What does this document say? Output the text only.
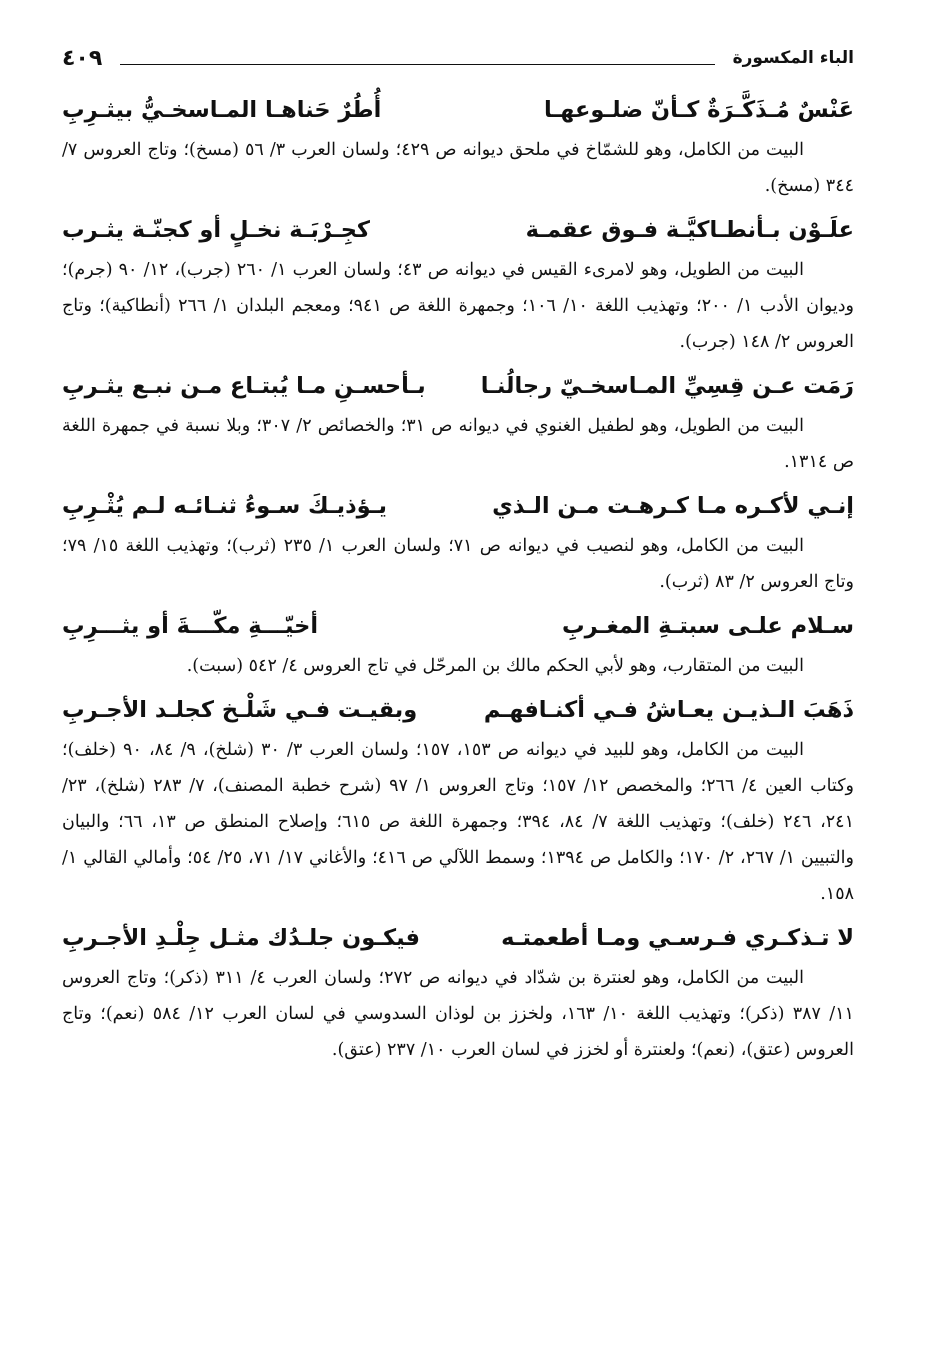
الباء المكسورة
٤٠٩
عَنْسٌ مُـذَكَّـرَةٌ كـأنّ ضلـوعهـا
أُطُرٌ حَناهـا المـاسخـيُّ بيثـرِبِ

البيت من الكامل، وهو للشمّاخ في ملحق ديوانه ص ٤٢٩؛ ولسان العرب ٣/ ٥٦ (مسخ)؛ وتاج العروس ٧/ ٣٤٤ (مسخ).

علَـوْن بـأنطـاكيَّـة فـوق عقمـة
كجِـرْبَـة نخـلٍ أو كجنّـة يثـرب

البيت من الطويل، وهو لامرىء القيس في ديوانه ص ٤٣؛ ولسان العرب ١/ ٢٦٠ (جرب)، ١٢/ ٩٠ (جرم)؛ وديوان الأدب ١/ ٢٠٠؛ وتهذيب اللغة ١٠/ ١٠٦؛ وجمهرة اللغة ص ٩٤١؛ ومعجم البلدان ١/ ٢٦٦ (أنطاكية)؛ وتاج العروس ٢/ ١٤٨ (جرب).

رَمَت عـن قِسِيِّ المـاسخـيّ رجالُنـا
بـأحسـنِ مـا يُبتـاع مـن نبـع يثـربِ

البيت من الطويل، وهو لطفيل الغنوي في ديوانه ص ٣١؛ والخصائص ٢/ ٣٠٧؛ وبلا نسبة في جمهرة اللغة ص ١٣١٤.

إنـي لأكـره مـا كـرهـت مـن الـذي
يـؤذيـكَ سـوءُ ثنـائـه لـم يُثْـرِبِ

البيت من الكامل، وهو لنصيب في ديوانه ص ٧١؛ ولسان العرب ١/ ٢٣٥ (ثرب)؛ وتهذيب اللغة ١٥/ ٧٩؛ وتاج العروس ٢/ ٨٣ (ثرب).

سـلام علـى سبتـةِ المغـربِ
أخيّـــةِ مكّـــةَ أو يثـــرِبِ

البيت من المتقارب، وهو لأبي الحكم مالك بن المرحّل في تاج العروس ٤/ ٥٤٢ (سبت).

ذَهَبَ الـذيـن يعـاشُ فـي أكنـافهـم
وبقيـت فـي شَلْـخ كجلـد الأجـربِ

البيت من الكامل، وهو للبيد في ديوانه ص ١٥٣، ١٥٧؛ ولسان العرب ٣/ ٣٠ (شلخ)، ٩/ ٨٤، ٩٠ (خلف)؛ وكتاب العين ٤/ ٢٦٦؛ والمخصص ١٢/ ١٥٧؛ وتاج العروس ١/ ٩٧ (شرح خطبة المصنف)، ٧/ ٢٨٣ (شلخ)، ٢٣/ ٢٤١، ٢٤٦ (خلف)؛ وتهذيب اللغة ٧/ ٨٤، ٣٩٤؛ وجمهرة اللغة ص ٦١٥؛ وإصلاح المنطق ص ١٣، ٦٦؛ والبيان والتبيين ١/ ٢٦٧، ٢/ ١٧٠؛ والكامل ص ١٣٩٤؛ وسمط اللآلي ص ٤١٦؛ والأغاني ١٧/ ٧١، ٢٥/ ٥٤؛ وأمالي القالي ١/ ١٥٨.

لا تـذكـري فـرسـي ومـا أطعمتـه
فيكـون جلـدُك مثـل جِلْـدِ الأجـربِ

البيت من الكامل، وهو لعنترة بن شدّاد في ديوانه ص ٢٧٢؛ ولسان العرب ٤/ ٣١١ (ذكر)؛ وتاج العروس ١١/ ٣٨٧ (ذكر)؛ وتهذيب اللغة ١٠/ ١٦٣، ولخزز بن لوذان السدوسي في لسان العرب ١٢/ ٥٨٤ (نعم)؛ وتاج العروس (عتق)، (نعم)؛ ولعنترة أو لخزز في لسان العرب ١٠/ ٢٣٧ (عتق).
